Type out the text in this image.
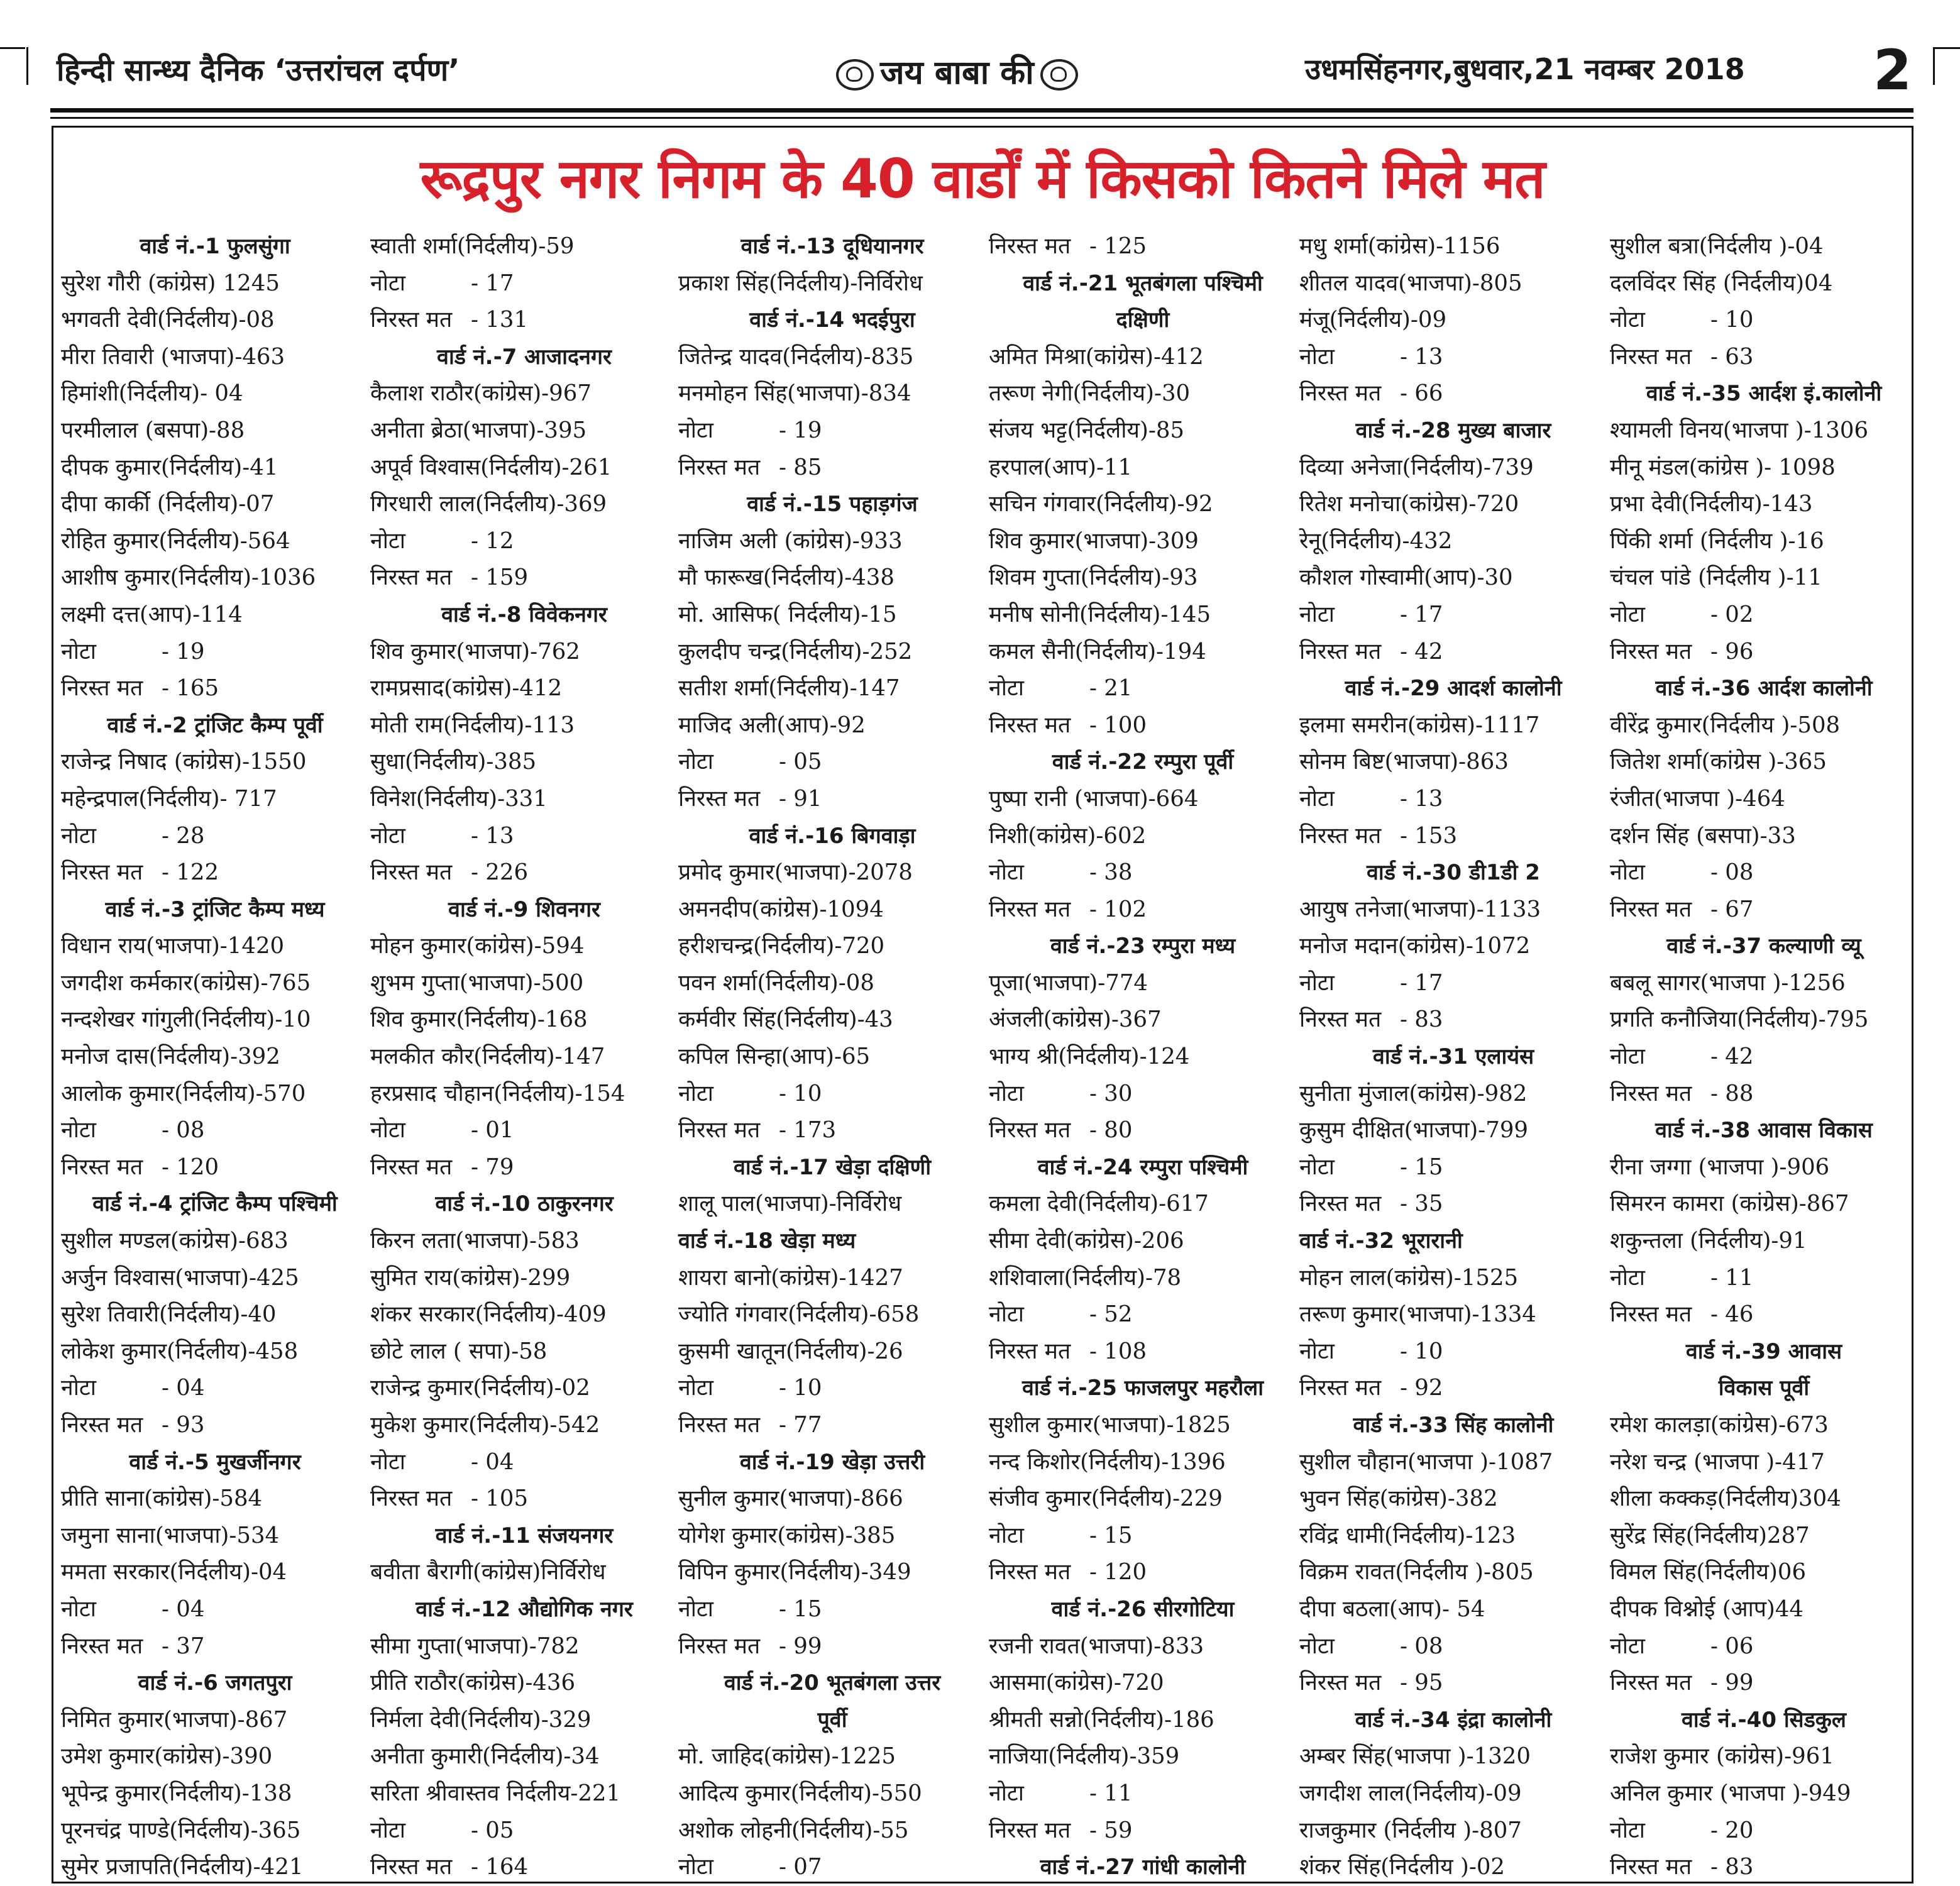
हिन्दी सान्ध्य दैनिक ‘उत्तरांचल दर्पण’	जय बाबा की	उधमसिंहनगर,बुधवार,21 नवम्बर 2018 2
रूद्रपुर नगर निगम के 40 वार्डों में किसको कितने मिले मत
वार्ड नं.-1 फुलसुंगा
सुरेश गौरी (कांग्रेस) 1245
भगवती देवी(निर्दलीय)-08
मीरा तिवारी (भाजपा)-463
हिमांशी(निर्दलीय)- 04
परमीलाल (बसपा)-88
दीपक कुमार(निर्दलीय)-41
दीपा कार्की (निर्दलीय)-07
रोहित कुमार(निर्दलीय)-564
आशीष कुमार(निर्दलीय)-1036
लक्ष्मी दत्त(आप)-114
नोटा	- 19
निरस्त मत - 165
वार्ड नं.-2 ट्रांजिट कैम्प पूर्वी
राजेन्द्र निषाद (कांग्रेस)-1550
महेन्द्रपाल(निर्दलीय)- 717
नोटा	- 28
निरस्त मत - 122
वार्ड नं.-3 ट्रांजिट कैम्प मध्य
विधान राय(भाजपा)-1420
जगदीश कर्मकार(कांग्रेस)-765
नन्दशेखर गांगुली(निर्दलीय)-10
मनोज दास(निर्दलीय)-392
आलोक कुमार(निर्दलीय)-570
नोटा	- 08
निरस्त मत - 120
वार्ड नं.-4 ट्रांजिट कैम्प पश्चिमी
सुशील मण्डल(कांग्रेस)-683
अर्जुन विश्वास(भाजपा)-425
सुरेश तिवारी(निर्दलीय)-40
लोकेश कुमार(निर्दलीय)-458
नोटा	- 04
निरस्त मत - 93
वार्ड नं.-5 मुखर्जीनगर
प्रीति साना(कांग्रेस)-584
जमुना साना(भाजपा)-534
ममता सरकार(निर्दलीय)-04
नोटा	- 04
निरस्त मत - 37
वार्ड नं.-6 जगतपुरा
निमित कुमार(भाजपा)-867
उमेश कुमार(कांग्रेस)-390
भूपेन्द्र कुमार(निर्दलीय)-138
पूरनचंद्र पाण्डे(निर्दलीय)-365
सुमेर प्रजापति(निर्दलीय)-421
स्वाती शर्मा(निर्दलीय)-59
नोटा	- 17
निरस्त मत - 131
वार्ड नं.-7 आजादनगर
कैलाश राठौर(कांग्रेस)-967
अनीता ब्रेठा(भाजपा)-395
अपूर्व विश्वास(निर्दलीय)-261
गिरधारी लाल(निर्दलीय)-369
नोटा	- 12
निरस्त मत - 159
वार्ड नं.-8 विवेकनगर
शिव कुमार(भाजपा)-762
रामप्रसाद(कांग्रेस)-412
मोती राम(निर्दलीय)-113
सुधा(निर्दलीय)-385
विनेश(निर्दलीय)-331
नोटा	- 13
निरस्त मत - 226
वार्ड नं.-9 शिवनगर
मोहन कुमार(कांग्रेस)-594
शुभम गुप्ता(भाजपा)-500
शिव कुमार(निर्दलीय)-168
मलकीत कौर(निर्दलीय)-147
हरप्रसाद चौहान(निर्दलीय)-154
नोटा	- 01
निरस्त मत - 79
वार्ड नं.-10 ठाकुरनगर
किरन लता(भाजपा)-583
सुमित राय(कांग्रेस)-299
शंकर सरकार(निर्दलीय)-409
छोटे लाल ( सपा)-58
राजेन्द्र कुमार(निर्दलीय)-02
मुकेश कुमार(निर्दलीय)-542
नोटा	- 04
निरस्त मत - 105
वार्ड नं.-11 संजयनगर
बवीता बैरागी(कांग्रेस)निर्विरोध
वार्ड नं.-12 औद्योगिक नगर
सीमा गुप्ता(भाजपा)-782
प्रीति राठौर(कांग्रेस)-436
निर्मला देवी(निर्दलीय)-329
अनीता कुमारी(निर्दलीय)-34
सरिता श्रीवास्तव निर्दलीय-221
नोटा	- 05
निरस्त मत - 164
वार्ड नं.-13 दूधियानगर
प्रकाश सिंह(निर्दलीय)-निर्विरोध
वार्ड नं.-14 भदईपुरा
जितेन्द्र यादव(निर्दलीय)-835
मनमोहन सिंह(भाजपा)-834
नोटा	- 19
निरस्त मत - 85
वार्ड नं.-15 पहाड़गंज
नाजिम अली (कांग्रेस)-933
मौ फारूख(निर्दलीय)-438
मो. आसिफ( निर्दलीय)-15
कुलदीप चन्द्र(निर्दलीय)-252
सतीश शर्मा(निर्दलीय)-147
माजिद अली(आप)-92
नोटा	- 05
निरस्त मत - 91
वार्ड नं.-16 बिगवाड़ा
प्रमोद कुमार(भाजपा)-2078
अमनदीप(कांग्रेस)-1094
हरीशचन्द्र(निर्दलीय)-720
पवन शर्मा(निर्दलीय)-08
कर्मवीर सिंह(निर्दलीय)-43
कपिल सिन्हा(आप)-65
नोटा	- 10
निरस्त मत - 173
वार्ड नं.-17 खेड़ा दक्षिणी
शालू पाल(भाजपा)-निर्विरोध
वार्ड नं.-18 खेड़ा मध्य
शायरा बानो(कांग्रेस)-1427
ज्योति गंगवार(निर्दलीय)-658
कुसमी खातून(निर्दलीय)-26
नोटा	- 10
निरस्त मत - 77
वार्ड नं.-19 खेड़ा उत्तरी
सुनील कुमार(भाजपा)-866
योगेश कुमार(कांग्रेस)-385
विपिन कुमार(निर्दलीय)-349
नोटा	- 15
निरस्त मत - 99
वार्ड नं.-20 भूतबंगला उत्तर
पूर्वी
मो. जाहिद(कांग्रेस)-1225
आदित्य कुमार(निर्दलीय)-550
अशोक लोहनी(निर्दलीय)-55
नोटा	- 07
निरस्त मत - 125
वार्ड नं.-21 भूतबंगला पश्चिमी
दक्षिणी
अमित मिश्रा(कांग्रेस)-412
तरूण नेगी(निर्दलीय)-30
संजय भट्ट(निर्दलीय)-85
हरपाल(आप)-11
सचिन गंगवार(निर्दलीय)-92
शिव कुमार(भाजपा)-309
शिवम गुप्ता(निर्दलीय)-93
मनीष सोनी(निर्दलीय)-145
कमल सैनी(निर्दलीय)-194
नोटा	- 21
निरस्त मत - 100
वार्ड नं.-22 रम्पुरा पूर्वी
पुष्पा रानी (भाजपा)-664
निशी(कांग्रेस)-602
नोटा	- 38
निरस्त मत - 102
वार्ड नं.-23 रम्पुरा मध्य
पूजा(भाजपा)-774
अंजली(कांग्रेस)-367
भाग्य श्री(निर्दलीय)-124
नोटा	- 30
निरस्त मत - 80
वार्ड नं.-24 रम्पुरा पश्चिमी
कमला देवी(निर्दलीय)-617
सीमा देवी(कांग्रेस)-206
शशिवाला(निर्दलीय)-78
नोटा	- 52
निरस्त मत - 108
वार्ड नं.-25 फाजलपुर महरौला
सुशील कुमार(भाजपा)-1825
नन्द किशोर(निर्दलीय)-1396
संजीव कुमार(निर्दलीय)-229
नोटा	- 15
निरस्त मत - 120
वार्ड नं.-26 सीरगोटिया
रजनी रावत(भाजपा)-833
आसमा(कांग्रेस)-720
श्रीमती सन्नो(निर्दलीय)-186
नाजिया(निर्दलीय)-359
नोटा	- 11
निरस्त मत - 59
वार्ड नं.-27 गांधी कालोनी
मधु शर्मा(कांग्रेस)-1156
शीतल यादव(भाजपा)-805
मंजू(निर्दलीय)-09
नोटा	- 13
निरस्त मत - 66
वार्ड नं.-28 मुख्य बाजार
दिव्या अनेजा(निर्दलीय)-739
रितेश मनोचा(कांग्रेस)-720
रेनू(निर्दलीय)-432
कौशल गोस्वामी(आप)-30
नोटा	- 17
निरस्त मत - 42
वार्ड नं.-29 आदर्श कालोनी
इलमा समरीन(कांग्रेस)-1117
सोनम बिष्ट(भाजपा)-863
नोटा	- 13
निरस्त मत - 153
वार्ड नं.-30 डी1डी 2
आयुष तनेजा(भाजपा)-1133
मनोज मदान(कांग्रेस)-1072
नोटा	- 17
निरस्त मत - 83
वार्ड नं.-31 एलायंस
सुनीता मुंजाल(कांग्रेस)-982
कुसुम दीक्षित(भाजपा)-799
नोटा	- 15
निरस्त मत - 35
वार्ड नं.-32 भूरारानी
मोहन लाल(कांग्रेस)-1525
तरूण कुमार(भाजपा)-1334
नोटा	- 10
निरस्त मत - 92
वार्ड नं.-33 सिंह कालोनी
सुशील चौहान(भाजपा )-1087
भुवन सिंह(कांग्रेस)-382
रविंद्र धामी(निर्दलीय)-123
विक्रम रावत(निर्दलीय )-805
दीपा बठला(आप)- 54
नोटा	- 08
निरस्त मत - 95
वार्ड नं.-34 इंद्रा कालोनी
अम्बर सिंह(भाजपा )-1320
जगदीश लाल(निर्दलीय)-09
राजकुमार (निर्दलीय )-807
शंकर सिंह(निर्दलीय )-02
सुशील बत्रा(निर्दलीय )-04
दलविंदर सिंह (निर्दलीय)04
नोटा	- 10
निरस्त मत - 63
वार्ड नं.-35 आर्दश इं.कालोनी
श्यामली विनय(भाजपा )-1306
मीनू मंडल(कांग्रेस )- 1098
प्रभा देवी(निर्दलीय)-143
पिंकी शर्मा (निर्दलीय )-16
चंचल पांडे (निर्दलीय )-11
नोटा	- 02
निरस्त मत - 96
वार्ड नं.-36 आर्दश कालोनी
वीरेंद्र कुमार(निर्दलीय )-508
जितेश शर्मा(कांग्रेस )-365
रंजीत(भाजपा )-464
दर्शन सिंह (बसपा)-33
नोटा	- 08
निरस्त मत - 67
वार्ड नं.-37 कल्याणी व्यू
बबलू सागर(भाजपा )-1256
प्रगति कनौजिया(निर्दलीय)-795
नोटा	- 42
निरस्त मत - 88
वार्ड नं.-38 आवास विकास
रीना जग्गा (भाजपा )-906
सिमरन कामरा (कांग्रेस)-867
शकुन्तला (निर्दलीय)-91
नोटा	- 11
निरस्त मत - 46
वार्ड नं.-39 आवास
विकास पूर्वी
रमेश कालड़ा(कांग्रेस)-673
नरेश चन्द्र (भाजपा )-417
शीला कक्कड़(निर्दलीय)304
सुरेंद्र सिंह(निर्दलीय)287
विमल सिंह(निर्दलीय)06
दीपक विश्नोई (आप)44
नोटा	- 06
निरस्त मत - 99
वार्ड नं.-40 सिडकुल
राजेश कुमार (कांग्रेस)-961
अनिल कुमार (भाजपा )-949
नोटा	- 20
निरस्त मत - 83
